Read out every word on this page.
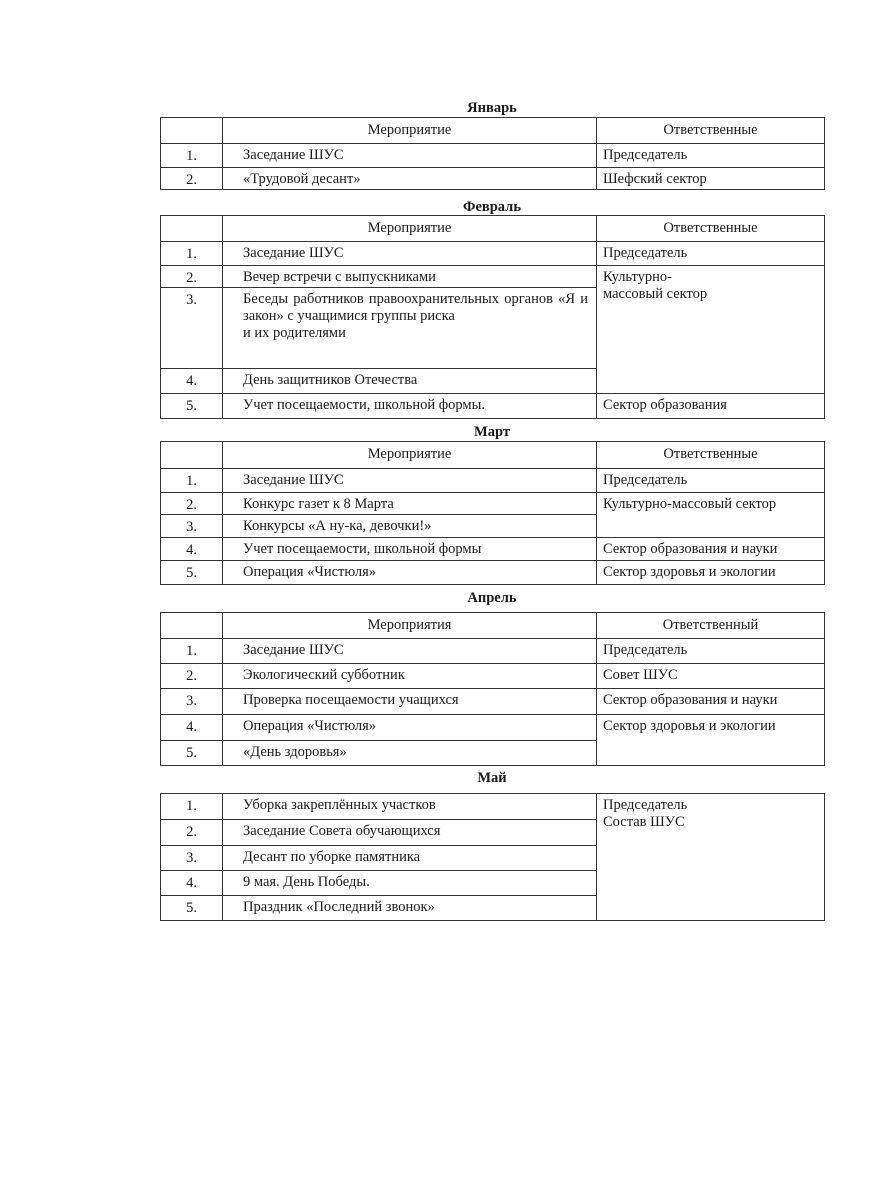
Январь
	Мероприятие	Ответственные
1.	Заседание ШУС	Председатель
2.	«Трудовой десант»	Шефский сектор
Февраль
	Мероприятие	Ответственные
1.	Заседание ШУС	Председатель
2.	Вечер встречи с выпускниками	Культурно-
массовый сектор
3.	Беседы работников правоохранительных органов «Я и закон» с учащимися группы риска
и их родителями	
4.	День защитников Отечества	
5.	Учет посещаемости, школьной формы.	Сектор образования
Март
	Мероприятие	Ответственные
1.	Заседание ШУС	Председатель
2.	Конкурс газет к 8 Марта	Культурно-массовый сектор
3.	Конкурсы «А ну-ка, девочки!»	
4.	Учет посещаемости, школьной формы	Сектор образования и науки
5.	Операция «Чистюля»	Сектор здоровья и экологии
Апрель
	Мероприятия	Ответственный
1.	Заседание ШУС	Председатель
2.	Экологический субботник	Совет ШУС
3.	Проверка посещаемости учащихся	Сектор образования и науки
4.	Операция «Чистюля»	Сектор здоровья и экологии
5.	«День здоровья»	
Май
1.	Уборка закреплённых участков	Председатель
Состав ШУС
2.	Заседание Совета обучающихся	
3.	Десант по уборке памятника	
4.	9 мая. День Победы.	
5.	Праздник «Последний звонок»	
